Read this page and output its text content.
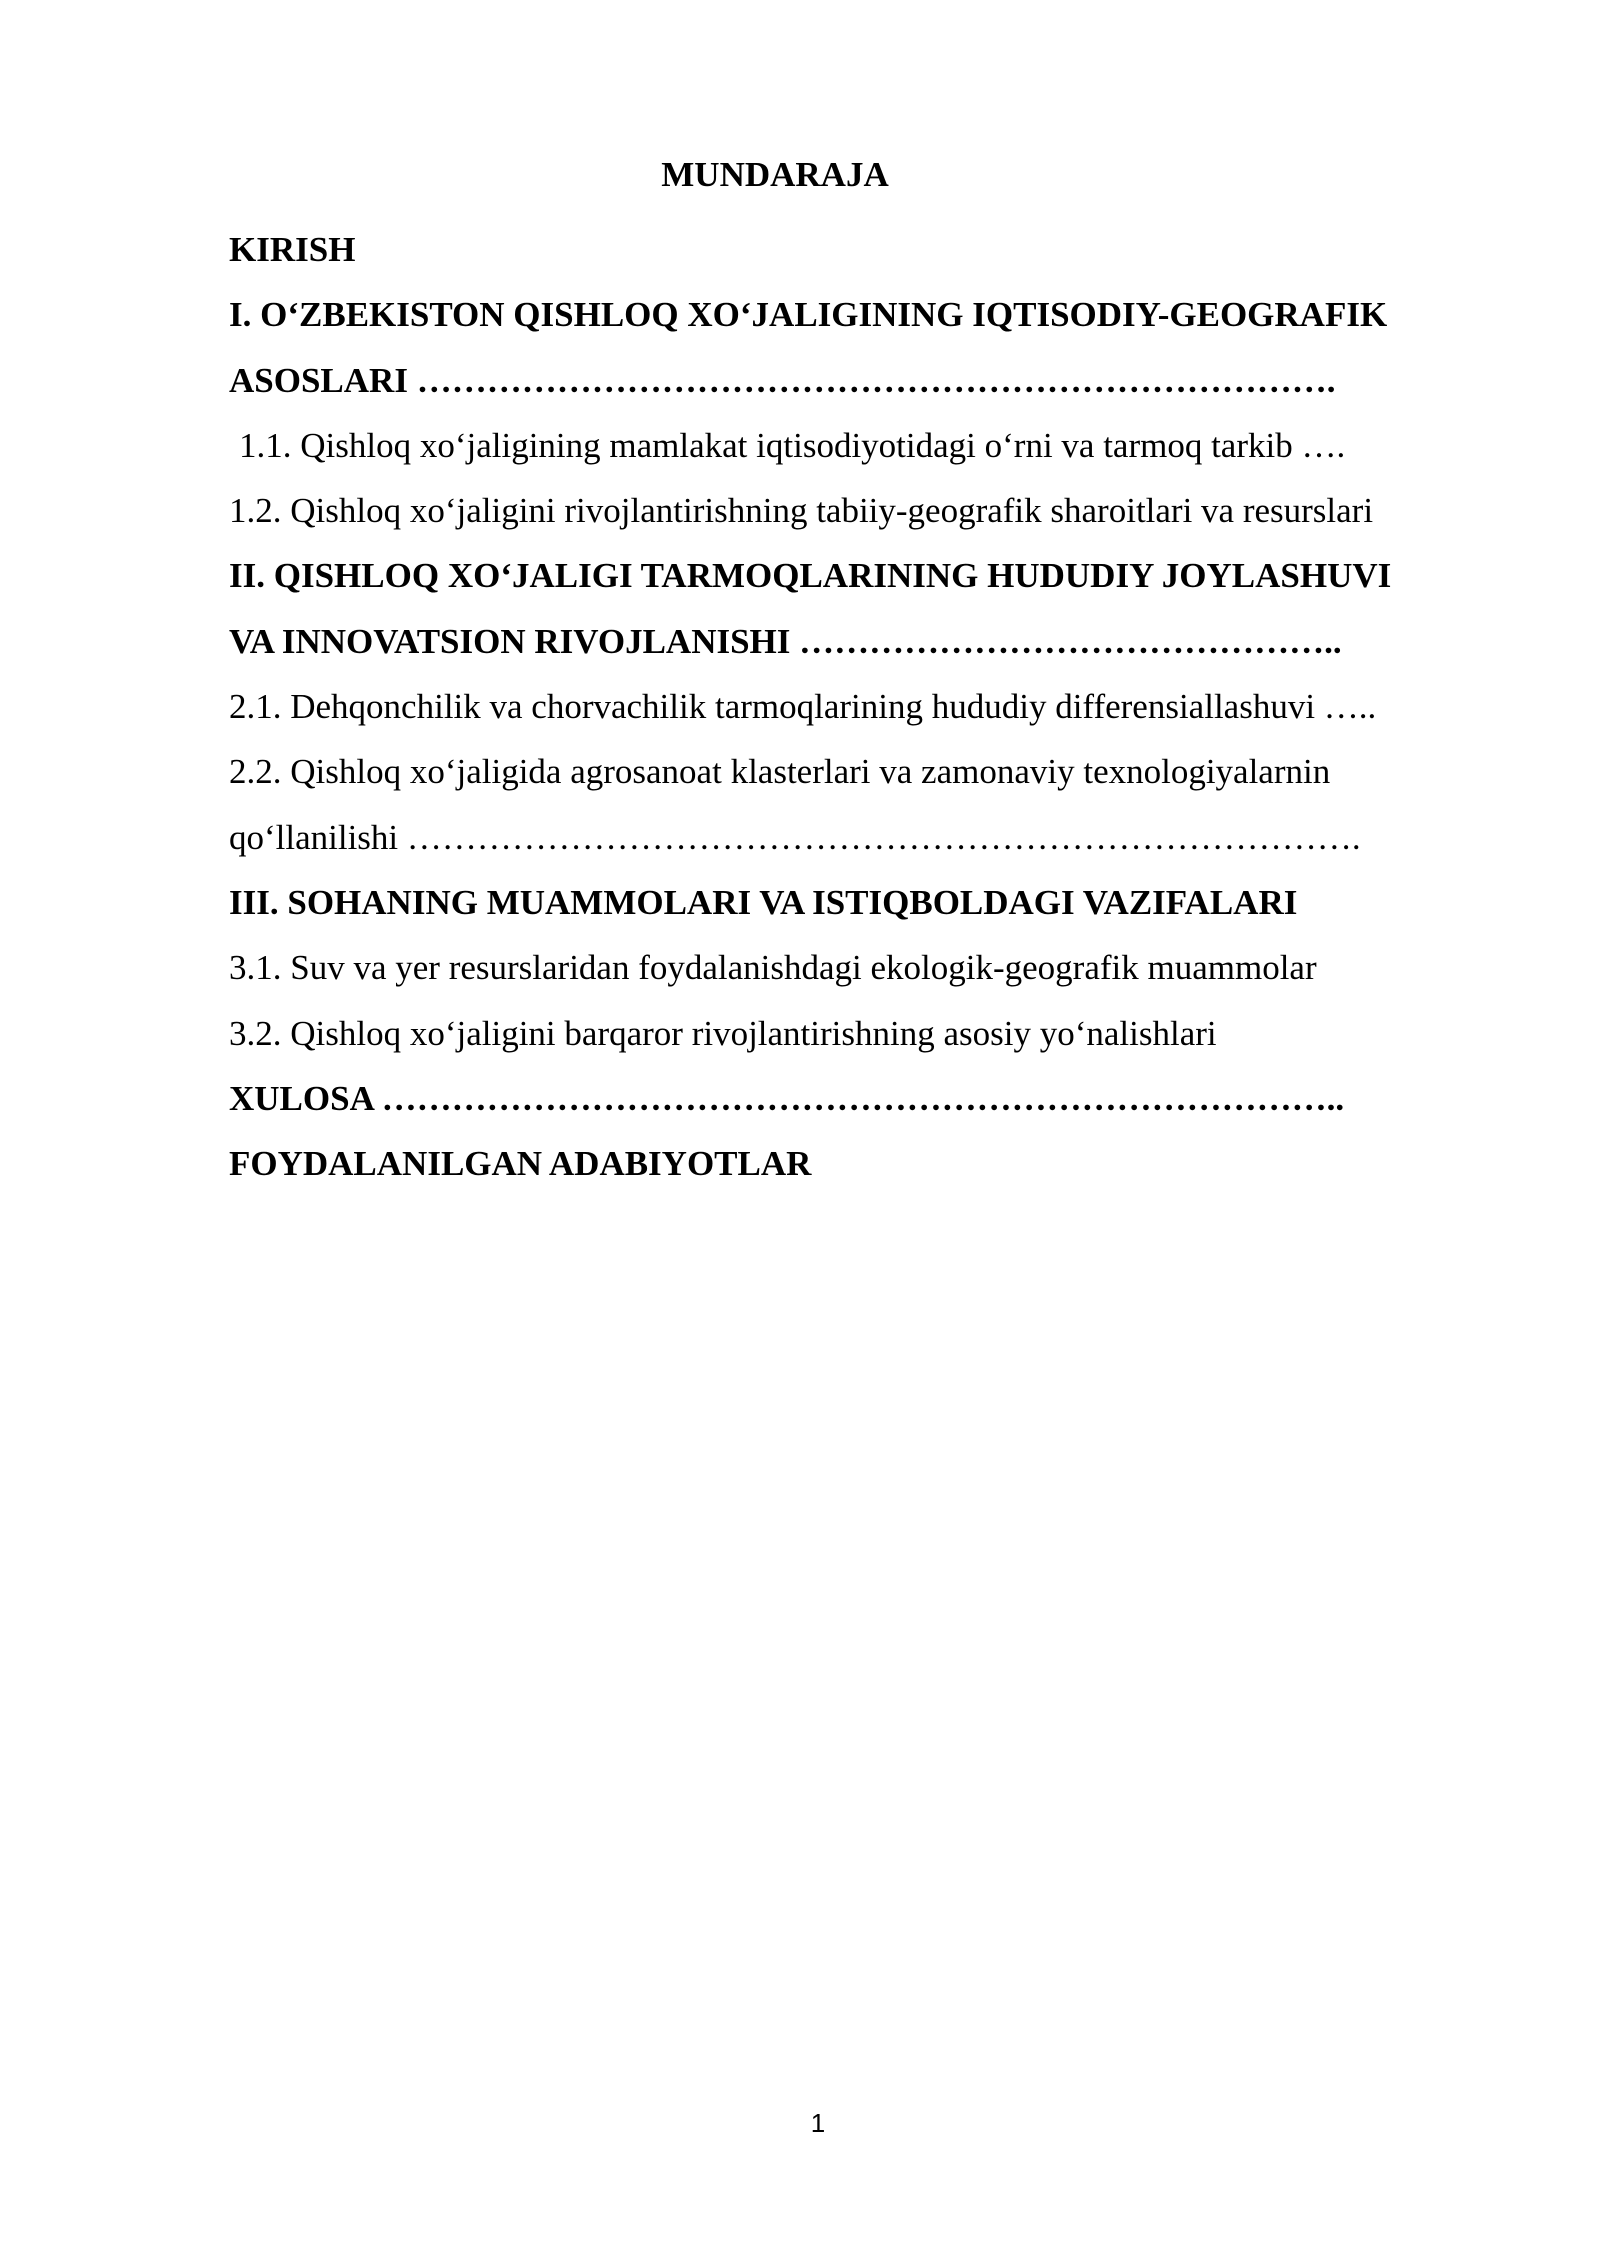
MUNDARAJA
KIRISH
I. O‘ZBEKISTON QISHLOQ XO‘JALIGINING IQTISODIY-GEOGRAFIK
ASOSLARI …………………………………………………………………….
1.1. Qishloq xo‘jaligining mamlakat iqtisodiyotidagi o‘rni va tarmoq tarkib ….
1.2. Qishloq xo‘jaligini rivojlantirishning tabiiy-geografik sharoitlari va resurslari
II. QISHLOQ XO‘JALIGI TARMOQLARINING HUDUDIY JOYLASHUVI
VA INNOVATSION RIVOJLANISHI ………………………………………..
2.1. Dehqonchilik va chorvachilik tarmoqlarining hududiy differensiallashuvi …..
2.2. Qishloq xo‘jaligida agrosanoat klasterlari va zamonaviy texnologiyalarnin
qo‘llanilishi ……………………………………………………………………….
III. SOHANING MUAMMOLARI VA ISTIQBOLDAGI VAZIFALARI
3.1. Suv va yer resurslaridan foydalanishdagi ekologik-geografik muammolar
3.2. Qishloq xo‘jaligini barqaror rivojlantirishning asosiy yo‘nalishlari
XULOSA ………………………………………………………………………..
FOYDALANILGAN ADABIYOTLAR
1
